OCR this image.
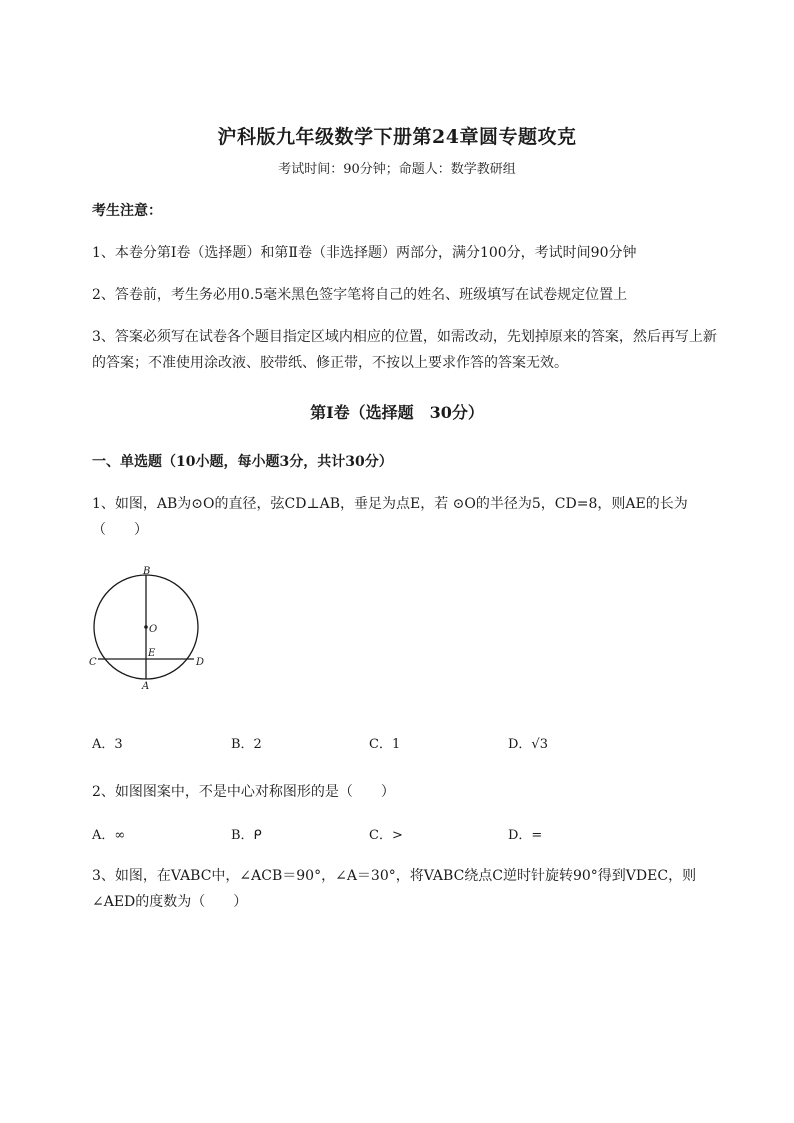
沪科版九年级数学下册第24章圆专题攻克
考试时间：90分钟；命题人：数学教研组
考生注意：
1、本卷分第I卷（选择题）和第Ⅱ卷（非选择题）两部分，满分100分，考试时间90分钟
2、答卷前，考生务必用0.5毫米黑色签字笔将自己的姓名、班级填写在试卷规定位置上
3、答案必须写在试卷各个题目指定区域内相应的位置，如需改动，先划掉原来的答案，然后再写上新
的答案；不准使用涂改液、胶带纸、修正带，不按以上要求作答的答案无效。
第I卷（选择题　30分）
一、单选题（10小题，每小题3分，共计30分）
1、如图，AB为⊙O的直径，弦CD⊥AB，垂足为点E，若 ⊙O的半径为5，CD=8，则AE的长为
（　　）
B
O
E
C	D
A
A．3	B．2	C．1	D．√3
2、如图图案中，不是中心对称图形的是（　　）
A．∞	B．ᑭ	C．>	D．=
3、如图，在VABC中，∠ACB＝90°，∠A＝30°，将VABC绕点C逆时针旋转90°得到VDEC，则
∠AED的度数为（　　）
